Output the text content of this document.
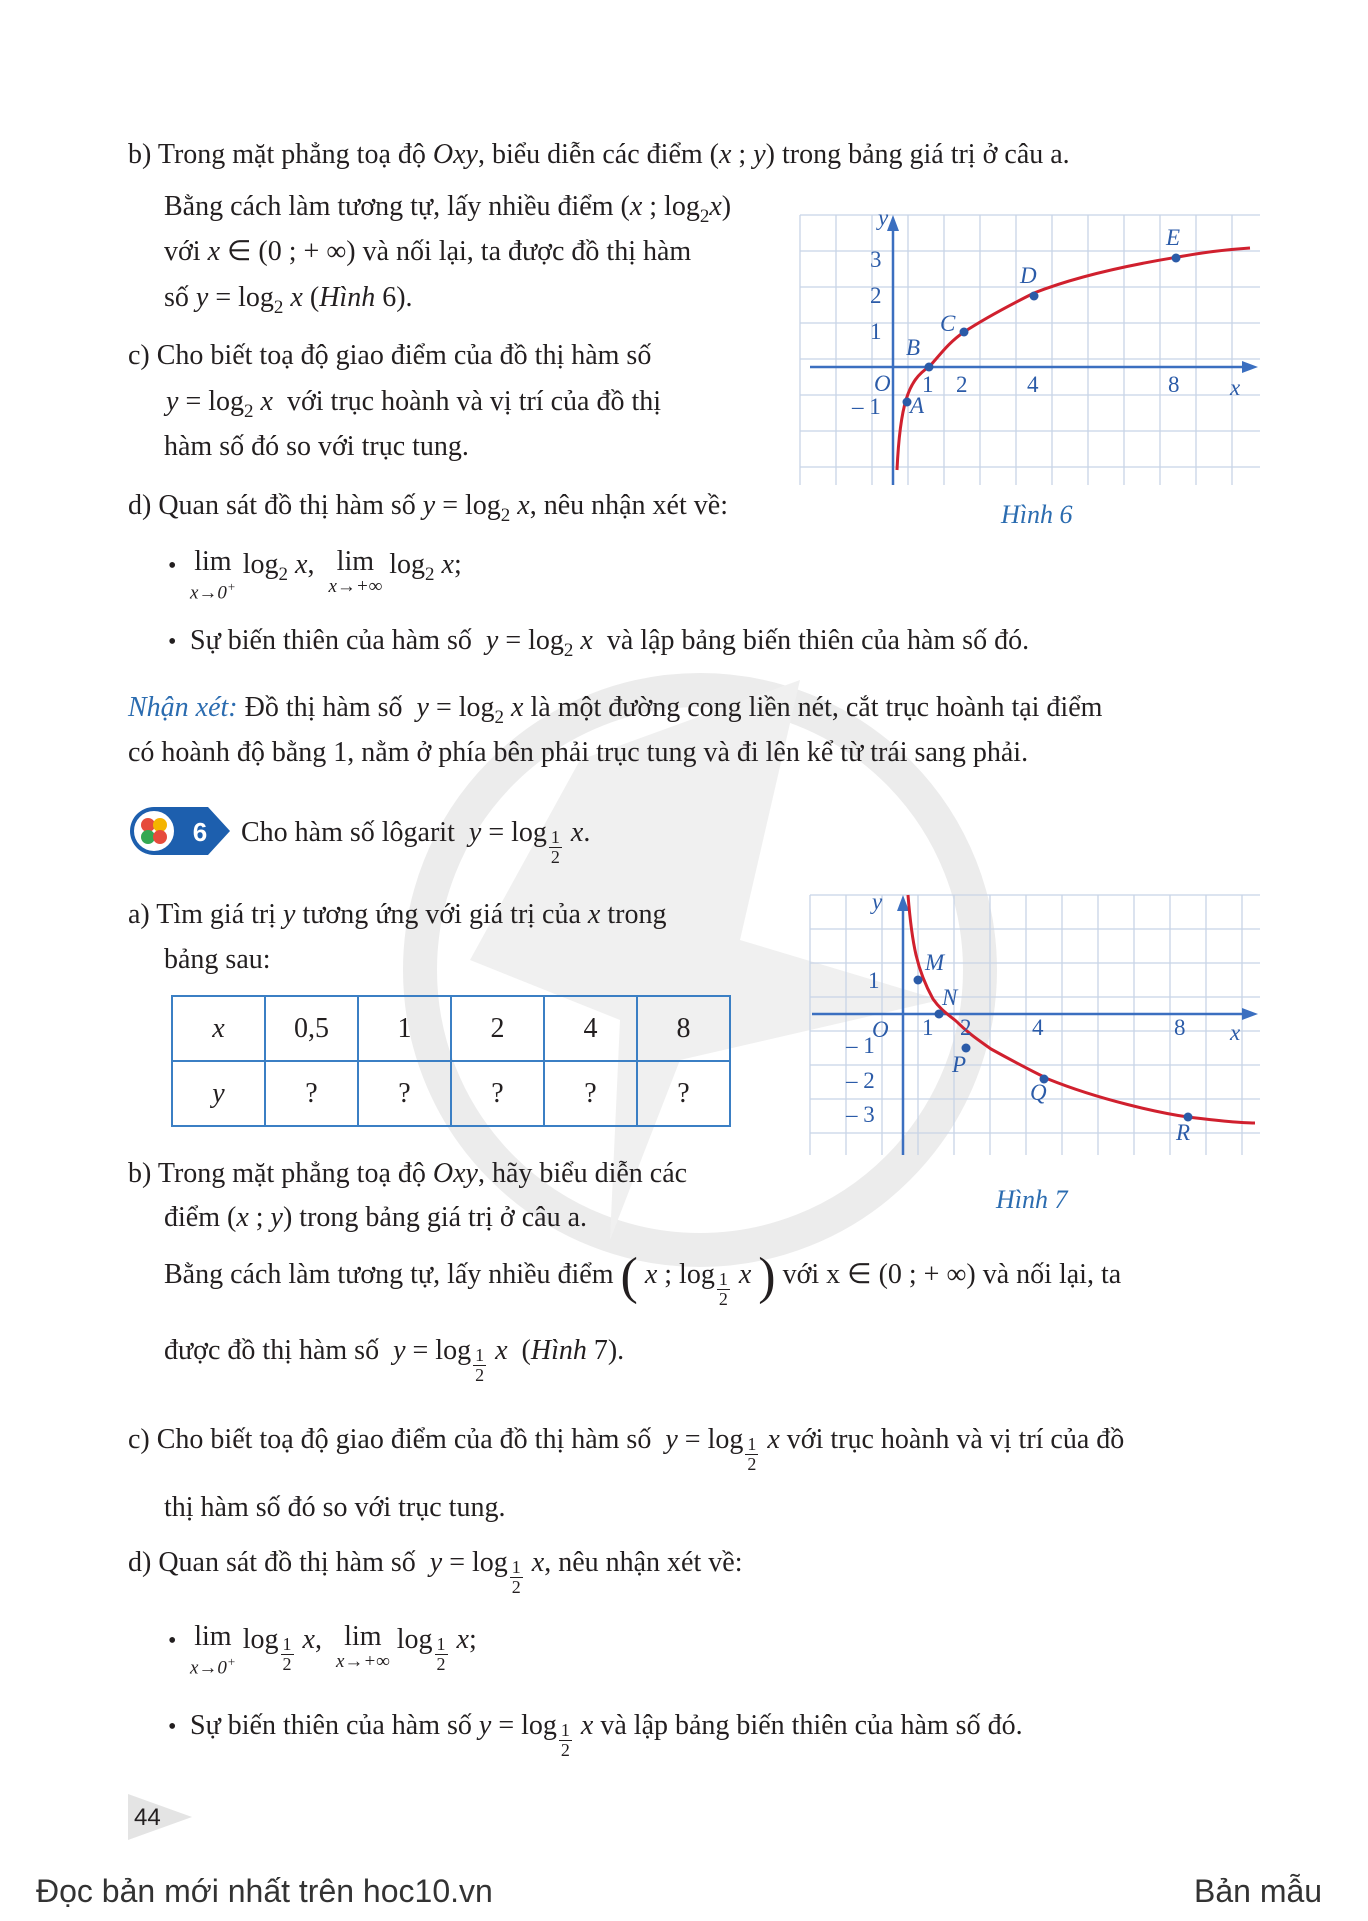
b) Trong mặt phẳng toạ độ Oxy, biểu diễn các điểm (x ; y) trong bảng giá trị ở câu a.
Bằng cách làm tương tự, lấy nhiều điểm (x ; $\log_2x$)
với x ∈ (0 ; + ∞) và nối lại, ta được đồ thị hàm
số $y = \log_2 x$ (Hình 6).
c) Cho biết toạ độ giao điểm của đồ thị hàm số
$y = \log_2 x$  với trục hoành và vị trí của đồ thị
hàm số đó so với trục tung.
d) Quan sát đồ thị hàm số $y = \log_2 x$, nêu nhận xét về:
• lim
x→0+
$\log_2 x$,  lim
x→+∞
$\log_2 x$;
• Sự biến thiên của hàm số  $y = \log_2 x$  và lập bảng biến thiên của hàm số đó.
Nhận xét: Đồ thị hàm số  $y = \log_2 x$ là một đường cong liền nét, cắt trục hoành tại điểm
có hoành độ bằng 1, nằm ở phía bên phải trục tung và đi lên kể từ trái sang phải.
y
x
O
A
B
C
D
E
1 2	4	8
3
2
1
– 1
Hình 6
6 Cho hàm số lôgarit  $y = \log \frac{1}{2} x$.
a) Tìm giá trị y tương ứng với giá trị của x trong
bảng sau:
x	0,5	1	2	4	8
y	?	?	?	?	?
y
x
O
M
N
P
Q
R
1 2	4	8
1
– 1
– 2
– 3
Hình 7
b) Trong mặt phẳng toạ độ Oxy, hãy biểu diễn các
điểm (x ; y) trong bảng giá trị ở câu a.
Bằng cách làm tương tự, lấy nhiều điểm ( x ; $\log \frac{1}{2}$ x ) với x ∈ (0 ; + ∞) và nối lại, ta
được đồ thị hàm số  $y = \log \frac{1}{2}$ x  (Hình 7).
c) Cho biết toạ độ giao điểm của đồ thị hàm số  $y = \log \frac{1}{2}$ x với trục hoành và vị trí của đồ
thị hàm số đó so với trục tung.
d) Quan sát đồ thị hàm số  $y = \log \frac{1}{2} x$, nêu nhận xét về:
• lim
x→0+
$\log \frac{1}{2} x$,  lim
x→+∞
$\log \frac{1}{2} x$;
• Sự biến thiên của hàm số $y = \log \frac{1}{2}$ x và lập bảng biến thiên của hàm số đó.
44
Đọc bản mới nhất trên hoc10.vn	Bản mẫu
